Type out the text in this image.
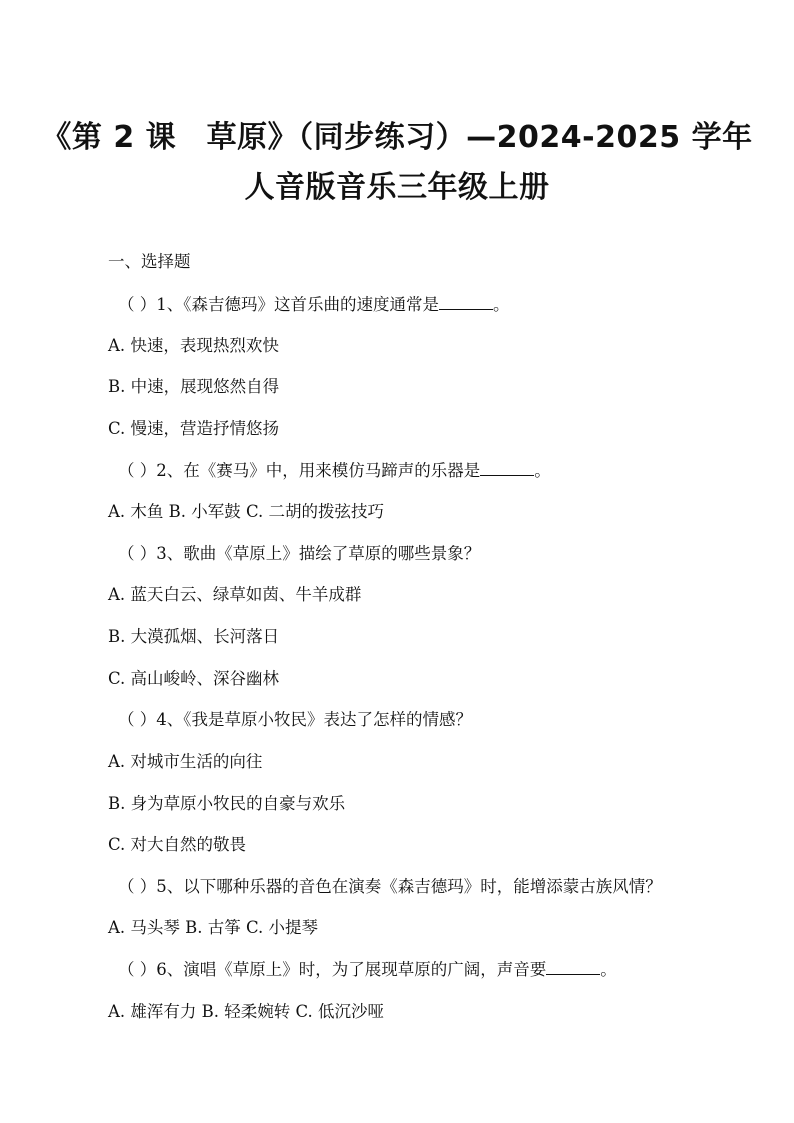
《第 2 课　草原》（同步练习）—2024-2025 学年
人音版音乐三年级上册
一、选择题
（ ）1、《森吉德玛》这首乐曲的速度通常是	。
A. 快速，表现热烈欢快
B. 中速，展现悠然自得
C. 慢速，营造抒情悠扬
（ ）2、在《赛马》中，用来模仿马蹄声的乐器是	。
A. 木鱼 B. 小军鼓 C. 二胡的拨弦技巧
（ ）3、歌曲《草原上》描绘了草原的哪些景象？
A. 蓝天白云、绿草如茵、牛羊成群
B. 大漠孤烟、长河落日
C. 高山峻岭、深谷幽林
（ ）4、《我是草原小牧民》表达了怎样的情感？
A. 对城市生活的向往
B. 身为草原小牧民的自豪与欢乐
C. 对大自然的敬畏
（ ）5、以下哪种乐器的音色在演奏《森吉德玛》时，能增添蒙古族风情？
A. 马头琴 B. 古筝 C. 小提琴
（ ）6、演唱《草原上》时，为了展现草原的广阔，声音要	。
A. 雄浑有力 B. 轻柔婉转 C. 低沉沙哑
